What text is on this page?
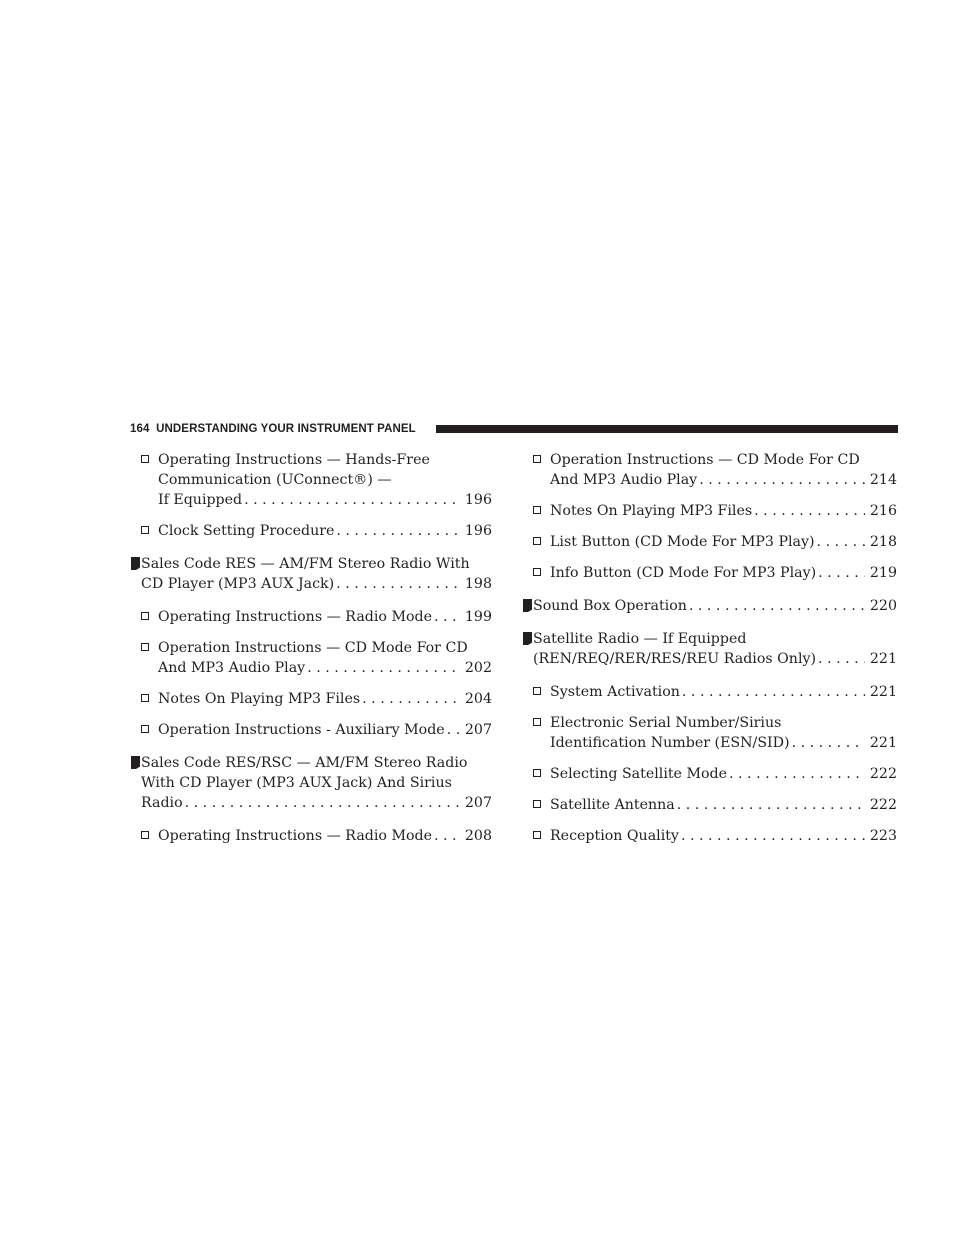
164 UNDERSTANDING YOUR INSTRUMENT PANEL
Operating Instructions — Hands-Free
Communication (UConnect®) —
If Equipped . . .	196
Clock Setting Procedure . . .	196
Sales Code RES — AM/FM Stereo Radio With
CD Player (MP3 AUX Jack) . . .	198
Operating Instructions — Radio Mode . . .	199
Operation Instructions — CD Mode For CD
And MP3 Audio Play . . .	202
Notes On Playing MP3 Files . . .	204
Operation Instructions - Auxiliary Mode . . .	207
Sales Code RES/RSC — AM/FM Stereo Radio
With CD Player (MP3 AUX Jack) And Sirius
Radio . . .	207
Operating Instructions — Radio Mode . . .	208
Operation Instructions — CD Mode For CD
And MP3 Audio Play . . .	214
Notes On Playing MP3 Files . . .	216
List Button (CD Mode For MP3 Play) . . .	218
Info Button (CD Mode For MP3 Play) . . .	219
Sound Box Operation . . .	220
Satellite Radio — If Equipped
(REN/REQ/RER/RES/REU Radios Only) . . .	221
System Activation . . .	221
Electronic Serial Number/Sirius
Identification Number (ESN/SID) . . .	221
Selecting Satellite Mode . . .	222
Satellite Antenna . . .	222
Reception Quality . . .	223
